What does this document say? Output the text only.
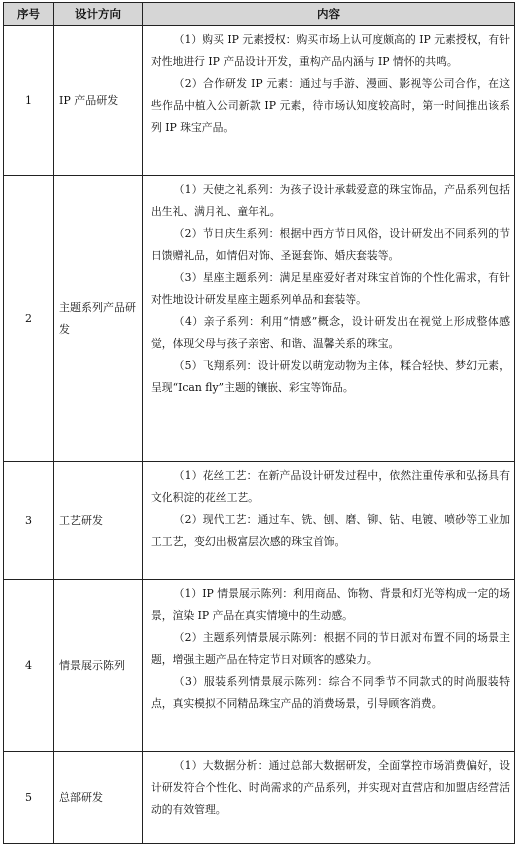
序号	设计方向	内容
1	IP 产品研发	（1）购买 IP 元素授权：购买市场上认可度颇高的 IP 元素授权，有针对性地进行 IP 产品设计开发，重构产品内涵与 IP 情怀的共鸣。

（2）合作研发 IP 元素：通过与手游、漫画、影视等公司合作，在这些作品中植入公司新款 IP 元素，待市场认知度较高时，第一时间推出该系列 IP 珠宝产品。

2	主题系列产品研发	（1）天使之礼系列：为孩子设计承载爱意的珠宝饰品，产品系列包括出生礼、满月礼、童年礼。

（2）节日庆生系列：根据中西方节日风俗，设计研发出不同系列的节日馈赠礼品，如情侣对饰、圣诞套饰、婚庆套装等。

（3）星座主题系列：满足星座爱好者对珠宝首饰的个性化需求，有针对性地设计研发星座主题系列单品和套装等。

（4）亲子系列：利用“情感”概念，设计研发出在视觉上形成整体感觉，体现父母与孩子亲密、和谐、温馨关系的珠宝。

（5）飞翔系列：设计研发以萌宠动物为主体，糅合轻快、梦幻元素，呈现“Ican fly”主题的镶嵌、彩宝等饰品。

3	工艺研发	（1）花丝工艺：在新产品设计研发过程中，依然注重传承和弘扬具有文化积淀的花丝工艺。

（2）现代工艺：通过车、铣、刨、磨、铆、钻、电镀、喷砂等工业加工工艺，变幻出极富层次感的珠宝首饰。

4	情景展示陈列	（1）IP 情景展示陈列：利用商品、饰物、背景和灯光等构成一定的场景，渲染 IP 产品在真实情境中的生动感。

（2）主题系列情景展示陈列：根据不同的节日派对布置不同的场景主题，增强主题产品在特定节日对顾客的感染力。

（3）服装系列情景展示陈列：综合不同季节不同款式的时尚服装特点，真实模拟不同精品珠宝产品的消费场景，引导顾客消费。

5	总部研发	（1）大数据分析：通过总部大数据研发，全面掌控市场消费偏好，设计研发符合个性化、时尚需求的产品系列，并实现对直营店和加盟店经营活动的有效管理。
